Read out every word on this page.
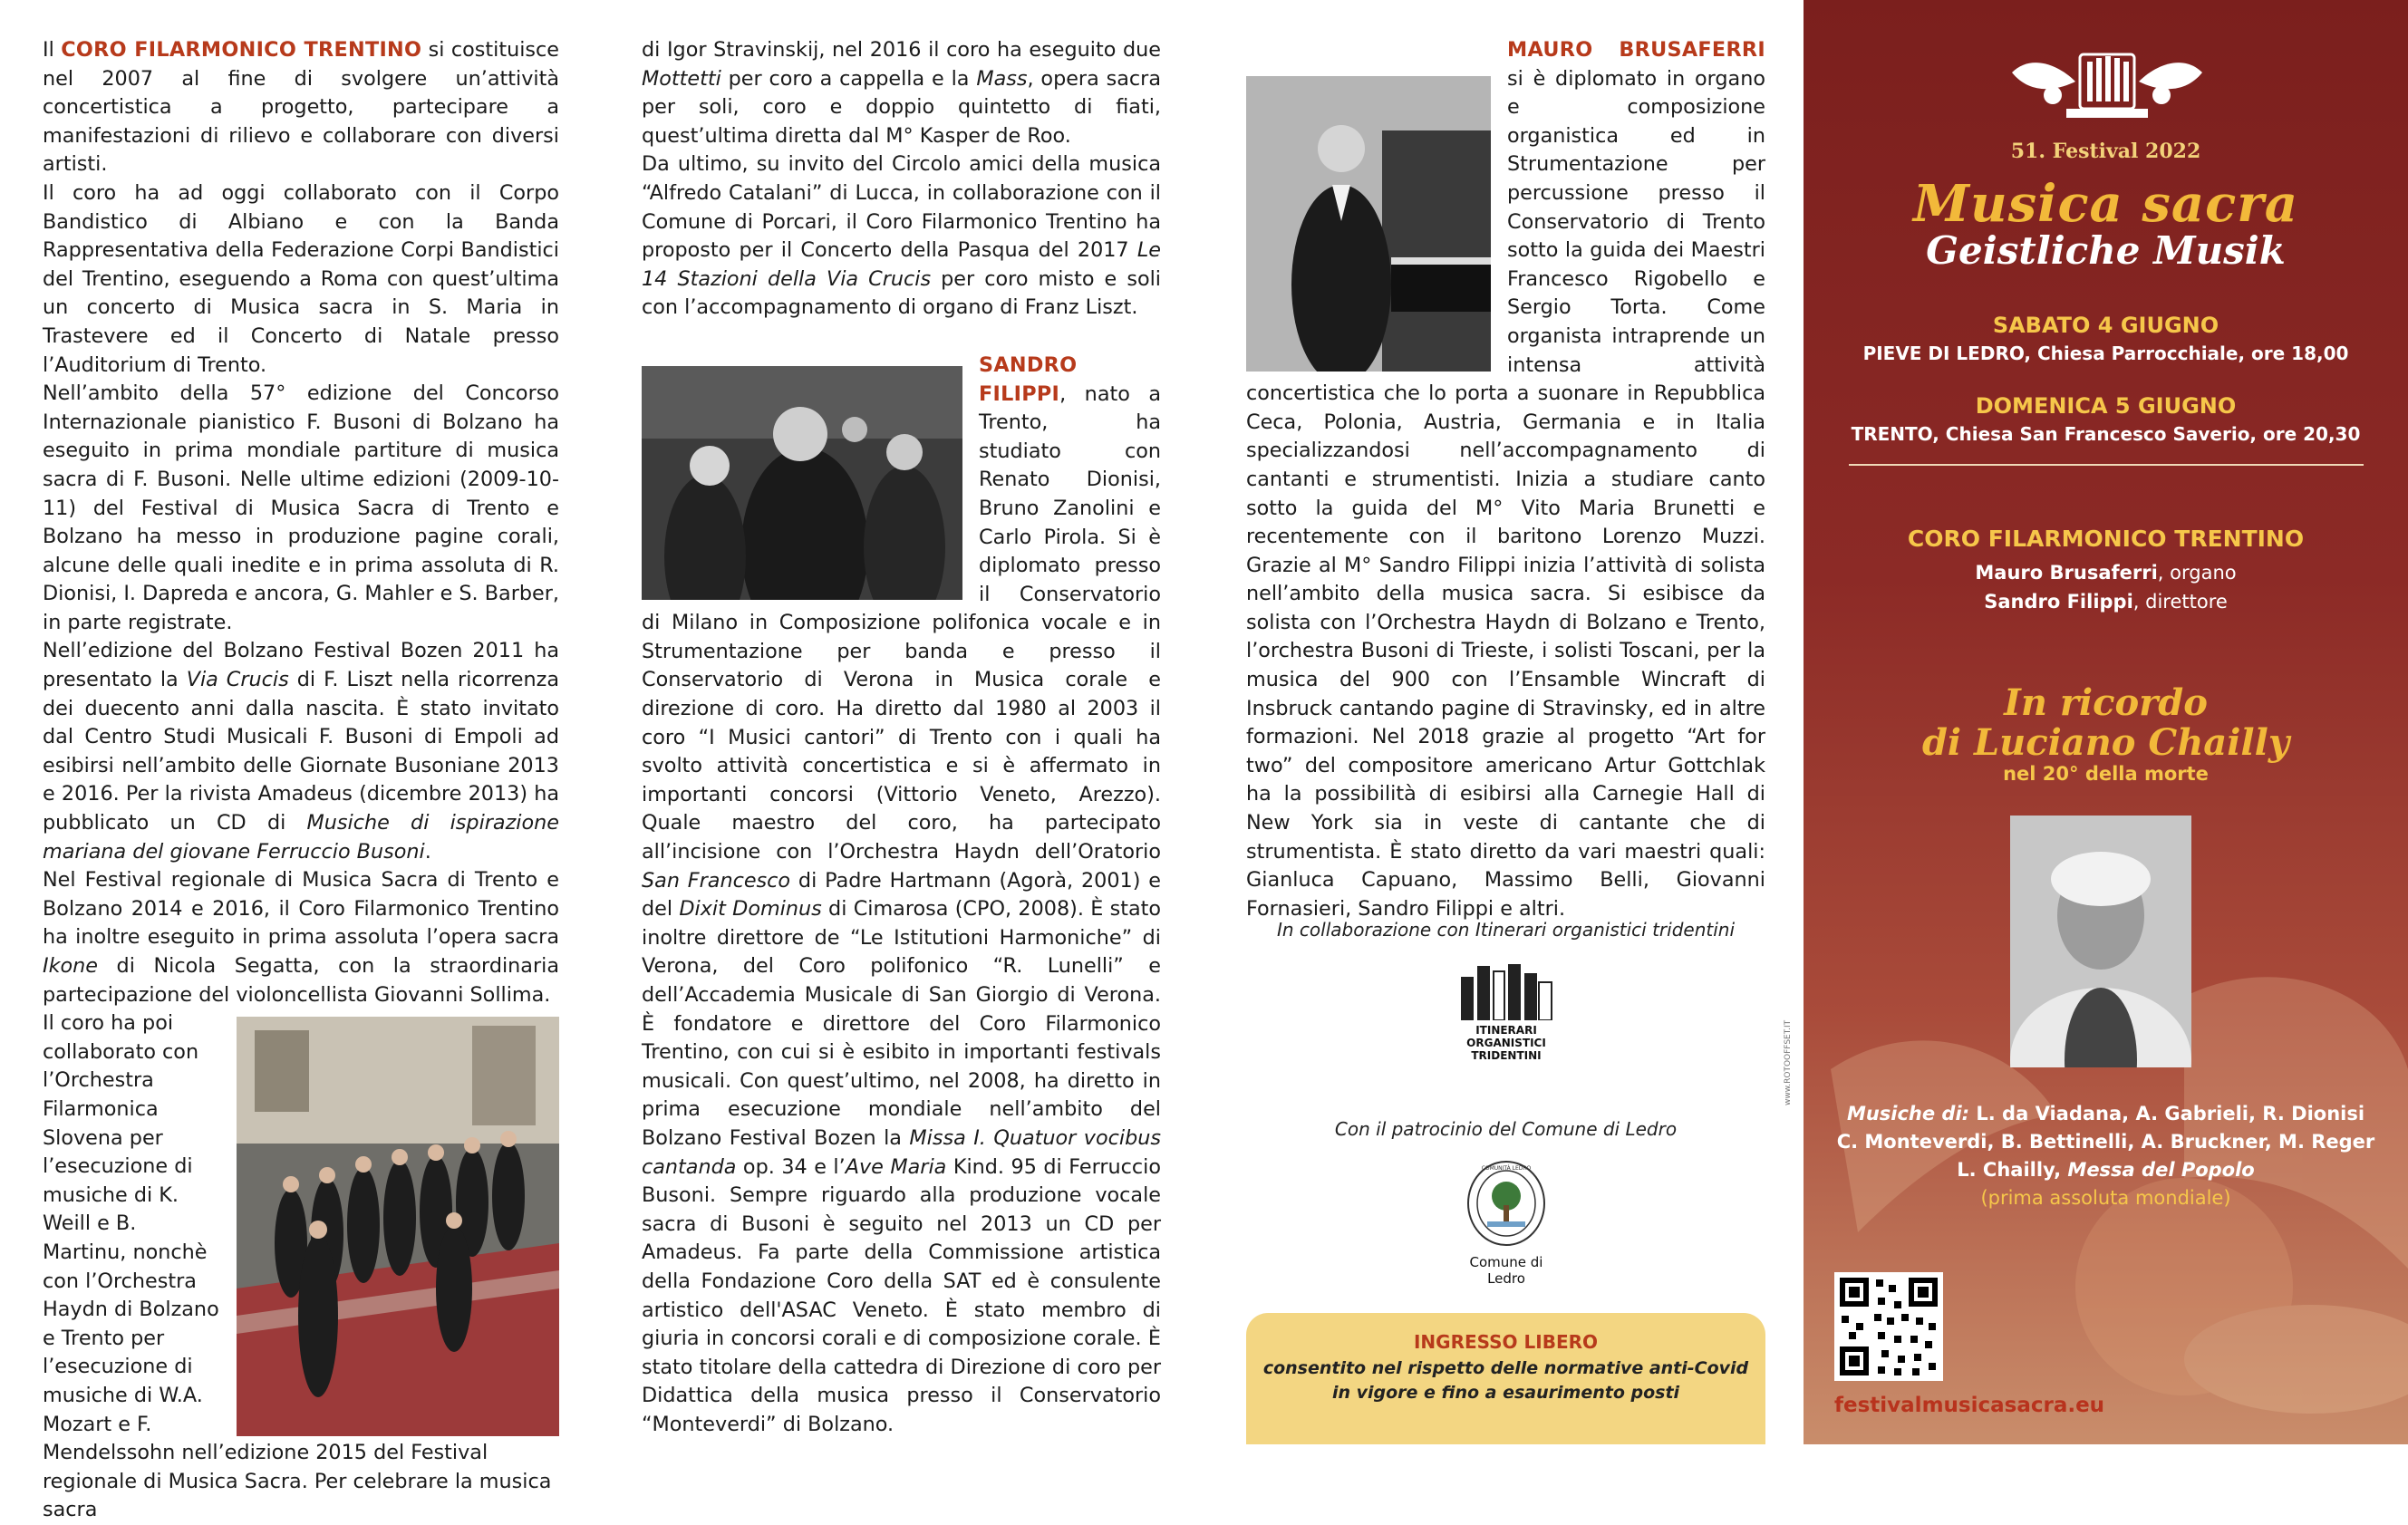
Il CORO FILARMONICO TRENTINO si costituisce nel 2007 al fine di svolgere un’attività concertistica a progetto, partecipare a manifestazioni di rilievo e collaborare con diversi artisti.

Il coro ha ad oggi collaborato con il Corpo Bandistico di Albiano e con la Banda Rappresentativa della Federazione Corpi Bandistici del Trentino, eseguendo a Roma con quest’ultima un concerto di Musica sacra in S. Maria in Trastevere ed il Concerto di Natale presso l’Auditorium di Trento.

Nell’ambito della 57° edizione del Concorso Internazionale pianistico F. Busoni di Bolzano ha eseguito in prima mondiale partiture di musica sacra di F. Busoni. Nelle ultime edizioni (2009-10-11) del Festival di Musica Sacra di Trento e Bolzano ha messo in produzione pagine corali, alcune delle quali inedite e in prima assoluta di R. Dionisi, I. Dapreda e ancora, G. Mahler e S. Barber, in parte registrate.

Nell’edizione del Bolzano Festival Bozen 2011 ha presentato la Via Crucis di F. Liszt nella ricorrenza dei duecento anni dalla nascita. È stato invitato dal Centro Studi Musicali F. Busoni di Empoli ad esibirsi nell’ambito delle Giornate Busoniane 2013 e 2016. Per la rivista Amadeus (dicembre 2013) ha pubblicato un CD di Musiche di ispirazione mariana del giovane Ferruccio Busoni.

Nel Festival regionale di Musica Sacra di Trento e Bolzano 2014 e 2016, il Coro Filarmonico Trentino ha inoltre eseguito in prima assoluta l’opera sacra Ikone di Nicola Segatta, con la straordinaria partecipazione del violoncellista Giovanni Sollima.

Il coro ha poi collaborato con l’Orchestra Filarmonica Slovena per l’esecuzione di musiche di K. Weill e B. Martinu, nonchè con l’Orchestra Haydn di Bolzano e Trento per l’esecuzione di musiche di W.A. Mozart e F. Mendelssohn nell’edizione 2015 del Festival regionale di Musica Sacra. Per celebrare la musica sacra

di Igor Stravinskij, nel 2016 il coro ha eseguito due Mottetti per coro a cappella e la Mass, opera sacra per soli, coro e doppio quintetto di fiati, quest’ultima diretta dal M° Kasper de Roo.

Da ultimo, su invito del Circolo amici della musica “Alfredo Catalani” di Lucca, in collaborazione con il Comune di Porcari, il Coro Filarmonico Trentino ha proposto per il Concerto della Pasqua del 2017 Le 14 Stazioni della Via Crucis per coro misto e soli con l’accompagnamento di organo di Franz Liszt.

SANDRO FILIPPI, nato a Trento, ha studiato con Renato Dionisi, Bruno Zanolini e Carlo Pirola. Si è diplomato presso il Conservatorio di Milano in Composizione polifonica vocale e in Strumentazione per banda e presso il Conservatorio di Verona in Musica corale e direzione di coro. Ha diretto dal 1980 al 2003 il coro “I Musici cantori” di Trento con i quali ha svolto attività concertistica e si è affermato in importanti concorsi (Vittorio Veneto, Arezzo). Quale maestro del coro, ha partecipato all’incisione con l’Orchestra Haydn dell’Oratorio San Francesco di Padre Hartmann (Agorà, 2001) e del Dixit Dominus di Cimarosa (CPO, 2008). È stato inoltre direttore de “Le Istitutioni Harmoniche” di Verona, del Coro polifonico “R. Lunelli” e dell’Accademia Musicale di San Giorgio di Verona. È fondatore e direttore del Coro Filarmonico Trentino, con cui si è esibito in importanti festivals musicali. Con quest’ultimo, nel 2008, ha diretto in prima esecuzione mondiale nell’ambito del Bolzano Festival Bozen la Missa I. Quatuor vocibus cantanda op. 34 e l’Ave Maria Kind. 95 di Ferruccio Busoni. Sempre riguardo alla produzione vocale sacra di Busoni è seguito nel 2013 un CD per Amadeus. Fa parte della Commissione artistica della Fondazione Coro della SAT ed è consulente artistico dell'ASAC Veneto. È stato membro di giuria in concorsi corali e di composizione corale. È stato titolare della cattedra di Direzione di coro per Didattica della musica presso il Conservatorio “Monteverdi” di Bolzano.

MAURO BRUSAFERRI si è diplomato in organo e composizione organistica ed in Strumentazione per percussione presso il Conservatorio di Trento sotto la guida dei Maestri Francesco Rigobello e Sergio Torta. Come organista intraprende un intensa attività concertistica che lo porta a suonare in Repubblica Ceca, Polonia, Austria, Germania e in Italia specializzandosi nell’accompagnamento di cantanti e strumentisti. Inizia a studiare canto sotto la guida del M° Vito Maria Brunetti e recentemente con il baritono Lorenzo Muzzi. Grazie al M° Sandro Filippi inizia l’attività di solista nell’ambito della musica sacra. Si esibisce da solista con l’Orchestra Haydn di Bolzano e Trento, l’orchestra Busoni di Trieste, i solisti Toscani, per la musica del 900 con l’Ensamble Wincraft di Insbruck cantando pagine di Stravinsky, ed in altre formazioni. Nel 2018 grazie al progetto “Art for two” del compositore americano Artur Gottchlak ha la possibilità di esibirsi alla Carnegie Hall di New York sia in veste di cantante che di strumentista. È stato diretto da vari maestri quali: Gianluca Capuano, Massimo Belli, Giovanni Fornasieri, Sandro Filippi e altri.

In collaborazione con Itinerari organistici tridentini
ITINERARI
ORGANISTICI
TRIDENTINI
Con il patrocinio del Comune di Ledro
COMUNITÀ LEDRO
Comune di Ledro
www.ROTOOFFSET.IT
INGRESSO LIBERO
consentito nel rispetto delle normative anti-Covid
in vigore e fino a esaurimento posti
51. Festival 2022
Musica sacra
Geistliche Musik
SABATO 4 GIUGNO
PIEVE DI LEDRO, Chiesa Parrocchiale, ore 18,00
DOMENICA 5 GIUGNO
TRENTO, Chiesa San Francesco Saverio, ore 20,30
CORO FILARMONICO TRENTINO
Mauro Brusaferri, organo
Sandro Filippi, direttore
In ricordo
di Luciano Chailly
nel 20° della morte
Musiche di: L. da Viadana, A. Gabrieli, R. Dionisi
C. Monteverdi, B. Bettinelli, A. Bruckner, M. Reger
L. Chailly, Messa del Popolo
(prima assoluta mondiale)
festivalmusicasacra.eu
